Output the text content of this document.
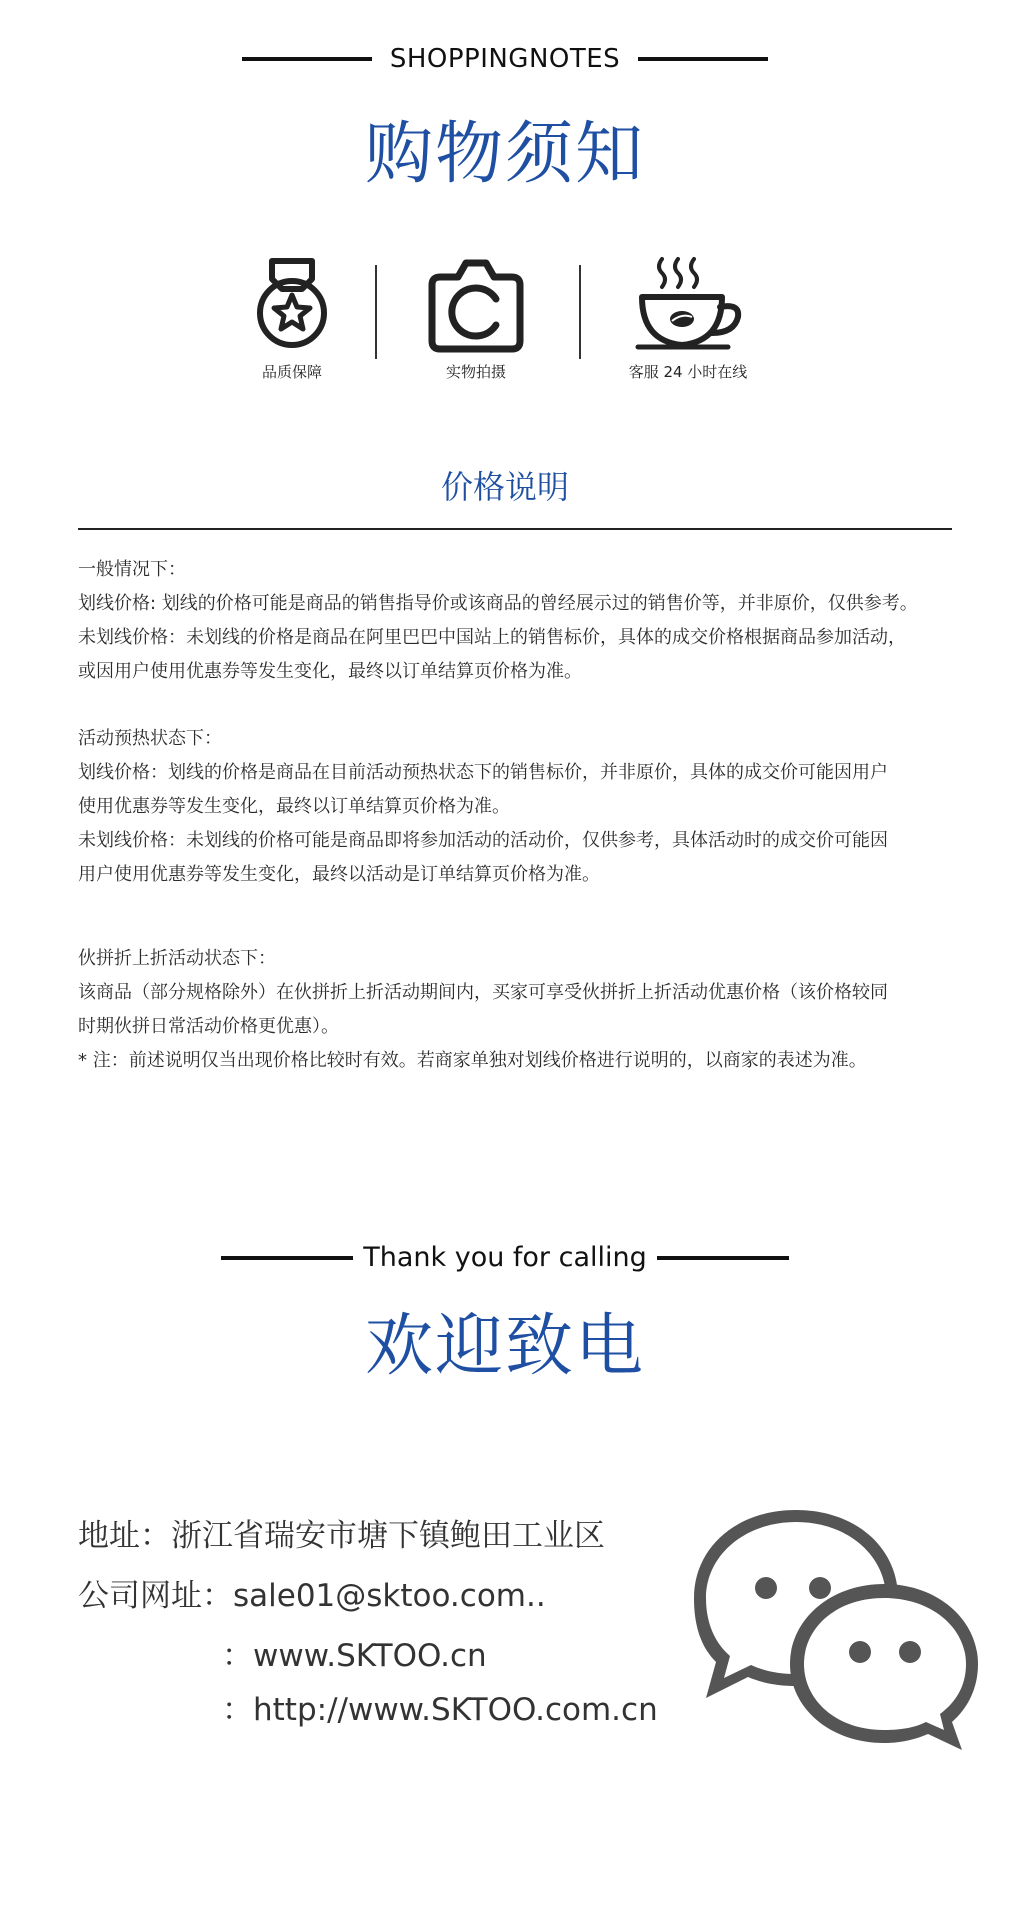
SHOPPINGNOTES
购物须知
品质保障	实物拍摄	客服 24 小时在线
价格说明

一般情况下：

划线价格: 划线的价格可能是商品的销售指导价或该商品的曾经展示过的销售价等，并非原价，仅供参考。

未划线价格：未划线的价格是商品在阿里巴巴中国站上的销售标价，具体的成交价格根据商品参加活动，

或因用户使用优惠券等发生变化，最终以订单结算页价格为准。

活动预热状态下：

划线价格：划线的价格是商品在目前活动预热状态下的销售标价，并非原价，具体的成交价可能因用户

使用优惠券等发生变化，最终以订单结算页价格为准。

未划线价格：未划线的价格可能是商品即将参加活动的活动价，仅供参考，具体活动时的成交价可能因

用户使用优惠券等发生变化，最终以活动是订单结算页价格为准。

伙拼折上折活动状态下：

该商品（部分规格除外）在伙拼折上折活动期间内，买家可享受伙拼折上折活动优惠价格（该价格较同

时期伙拼日常活动价格更优惠）。

* 注：前述说明仅当出现价格比较时有效。若商家单独对划线价格进行说明的，以商家的表述为准。

Thank you for calling
欢迎致电
地址：浙江省瑞安市塘下镇鲍田工业区
公司网址：sale01@sktoo.com..
：www.SKTOO.cn
：http://www.SKTOO.com.cn
